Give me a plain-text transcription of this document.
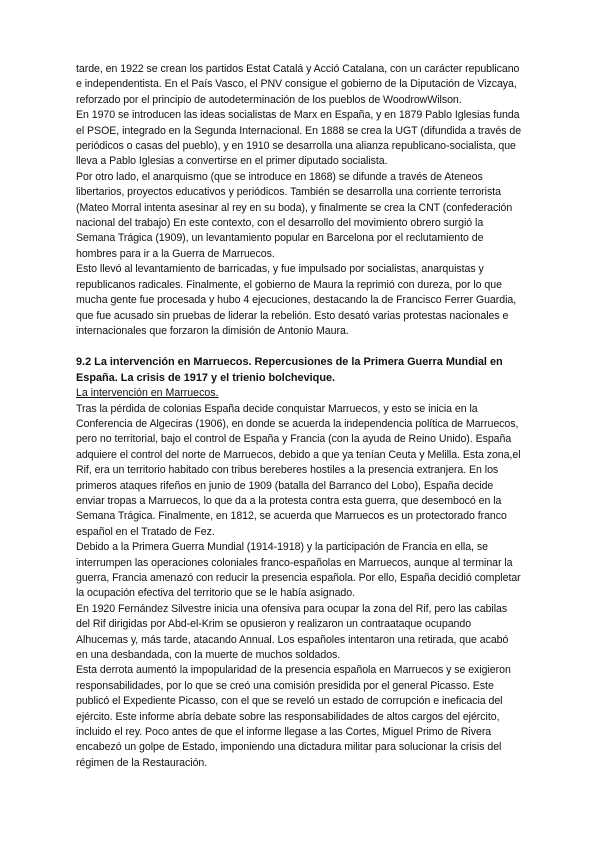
tarde, en 1922 se crean los partidos Estat Catalá y Acció Catalana, con un carácter republicano e independentista. En el País Vasco, el PNV consigue el gobierno de la Diputación de Vizcaya, reforzado por el principio de autodeterminación de los pueblos de WoodrowWilson.

En 1970 se introducen las ideas socialistas de Marx en España, y en 1879 Pablo Iglesias funda el PSOE, integrado en la Segunda Internacional. En 1888 se crea la UGT (difundida a través de periódicos o casas del pueblo), y en 1910 se desarrolla una alianza republicano-socialista, que lleva a Pablo Iglesias a convertirse en el primer diputado socialista.

Por otro lado, el anarquismo (que se introduce en 1868) se difunde a través de Ateneos libertarios, proyectos educativos y periódicos. También se desarrolla una corriente terrorista (Mateo Morral intenta asesinar al rey en su boda), y finalmente se crea la CNT (confederación nacional del trabajo) En este contexto, con el desarrollo del movimiento obrero surgió la Semana Trágica (1909), un levantamiento popular en Barcelona por el reclutamiento de hombres para ir a la Guerra de Marruecos.

Esto llevó al levantamiento de barricadas, y fue impulsado por socialistas, anarquistas y republicanos radicales. Finalmente, el gobierno de Maura la reprimió con dureza, por lo que mucha gente fue procesada y hubo 4 ejecuciones, destacando la de Francisco Ferrer Guardia, que fue acusado sin pruebas de liderar la rebelión. Esto desató varias protestas nacionales e internacionales que forzaron la dimisión de Antonio Maura.

9.2 La intervención en Marruecos. Repercusiones de la Primera Guerra Mundial en España. La crisis de 1917 y el trienio bolchevique.
La intervención en Marruecos.

Tras la pérdida de colonias España decide conquistar Marruecos, y esto se inicia en la Conferencia de Algeciras (1906), en donde se acuerda la independencia política de Marruecos, pero no territorial, bajo el control de España y Francia (con la ayuda de Reino Unido). España adquiere el control del norte de Marruecos, debido a que ya tenían Ceuta y Melilla. Esta zona,el Rif, era un territorio habitado con tribus bereberes hostiles a la presencia extranjera. En los primeros ataques rifeños en junio de 1909 (batalla del Barranco del Lobo), España decide enviar tropas a Marruecos, lo que da a la protesta contra esta guerra, que desembocó en la Semana Trágica. Finalmente, en 1812, se acuerda que Marruecos es un protectorado franco español en el Tratado de Fez.

Debido a la Primera Guerra Mundial (1914-1918) y la participación de Francia en ella, se interrumpen las operaciones coloniales franco-españolas en Marruecos, aunque al terminar la guerra, Francia amenazó con reducir la presencia española. Por ello, España decidió completar la ocupación efectiva del territorio que se le había asignado.

En 1920 Fernández Silvestre inicia una ofensiva para ocupar la zona del Rif, pero las cabilas del Rif dirigidas por Abd-el-Krim se opusieron y realizaron un contraataque ocupando Alhucemas y, más tarde, atacando Annual. Los españoles intentaron una retirada, que acabó en una desbandada, con la muerte de muchos soldados.

Esta derrota aumentó la impopularidad de la presencia española en Marruecos y se exigieron responsabilidades, por lo que se creó una comisión presidida por el general Picasso. Este publicó el Expediente Picasso, con el que se reveló un estado de corrupción e ineficacia del ejército. Este informe abría debate sobre las responsabilidades de altos cargos del ejército, incluido el rey. Poco antes de que el informe llegase a las Cortes, Miguel Primo de Rivera encabezó un golpe de Estado, imponiendo una dictadura militar para solucionar la crisis del régimen de la Restauración.
